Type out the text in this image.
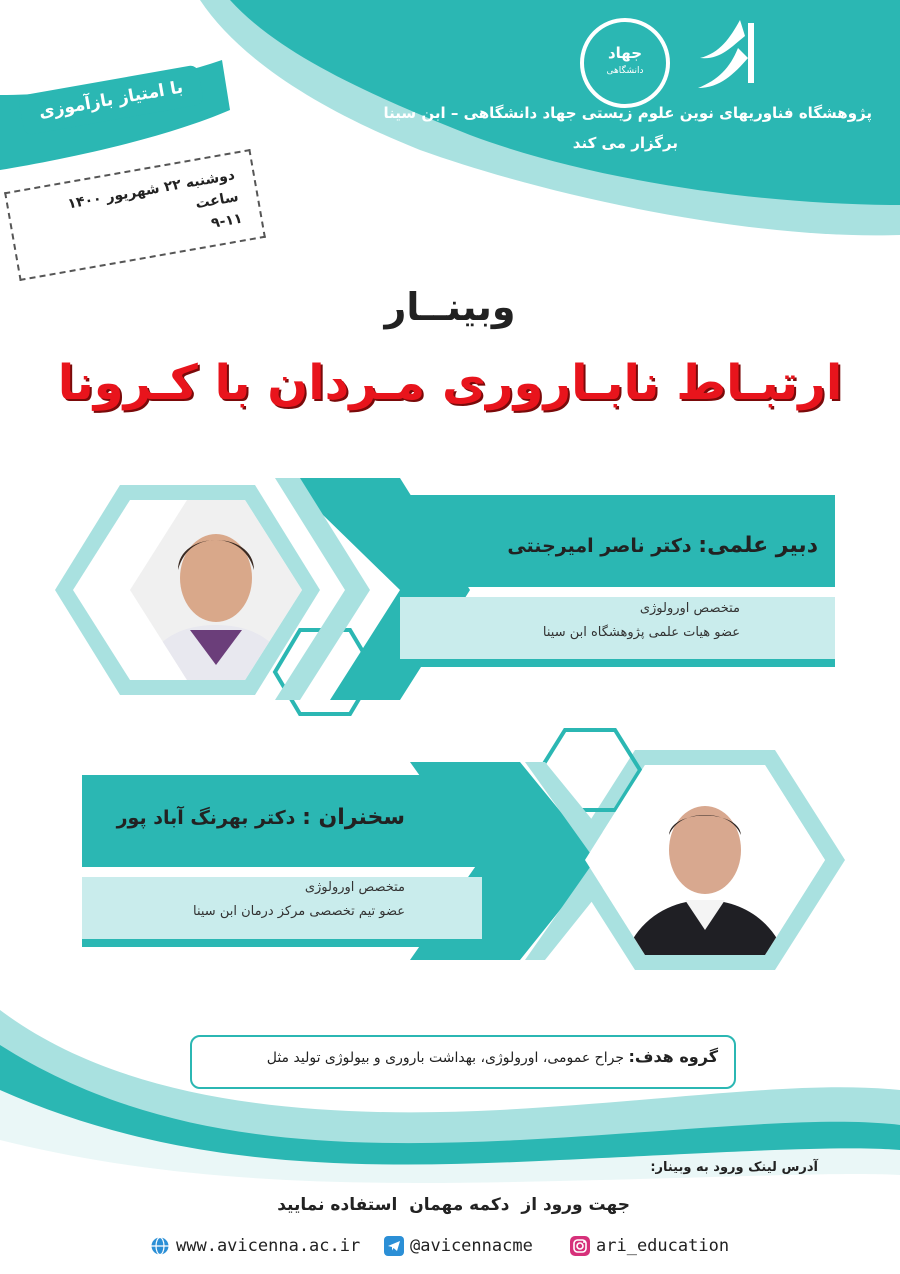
جهاد
دانشگاهی
پژوهشگاه فناوریهای نوین علوم زیستی جهاد دانشگاهی – ابن سینا
برگزار می کند
با امتیاز بازآموزی
دوشنبه ۲۲ شهریور ۱۴۰۰
ساعت
۹-۱۱
وبینــار
ارتبـاط نابـاروری مـردان با کـرونا
دبیر علمی: دکتر ناصر امیرجنتی
متخصص اورولوژی
عضو هیات علمی پژوهشگاه ابن سینا
سخنران : دکتر بهرنگ آباد پور
متخصص اورولوژی
عضو تیم تخصصی مرکز درمان ابن سینا
گروه هدف: جراح عمومی، اورولوژی، بهداشت باروری و بیولوژی تولید مثل
آدرس لینک ورود به وبینار:
جهت ورود از دکمه مهمان استفاده نمایید
www.avicenna.ac.ir	@avicennacme	ari_education
